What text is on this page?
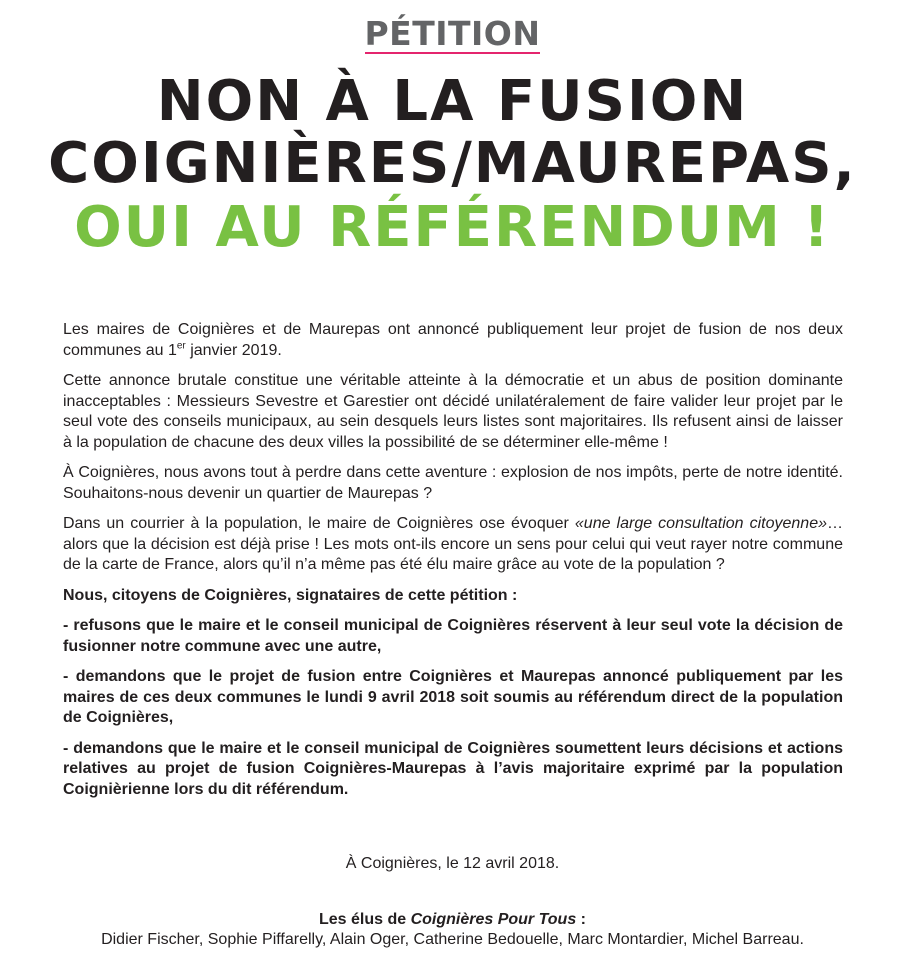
PÉTITION
NON À LA FUSION
COIGNIÈRES/MAUREPAS,
OUI AU RÉFÉRENDUM !

Les maires de Coignières et de Maurepas ont annoncé publiquement leur projet de fusion de nos deux communes au 1er janvier 2019.

Cette annonce brutale constitue une véritable atteinte à la démocratie et un abus de position dominante inacceptables : Messieurs Sevestre et Garestier ont décidé unilatéralement de faire valider leur projet par le seul vote des conseils municipaux, au sein desquels leurs listes sont majoritaires. Ils refusent ainsi de laisser à la population de chacune des deux villes la possibilité de se déterminer elle-même !

À Coignières, nous avons tout à perdre dans cette aventure : explosion de nos impôts, perte de notre identité. Souhaitons-nous devenir un quartier de Maurepas ?

Dans un courrier à la population, le maire de Coignières ose évoquer «une large consultation citoyenne»… alors que la décision est déjà prise ! Les mots ont-ils encore un sens pour celui qui veut rayer notre commune de la carte de France, alors qu’il n’a même pas été élu maire grâce au vote de la population ?

Nous, citoyens de Coignières, signataires de cette pétition :

- refusons que le maire et le conseil municipal de Coignières réservent à leur seul vote la décision de fusionner notre commune avec une autre,

- demandons que le projet de fusion entre Coignières et Maurepas annoncé publiquement par les maires de ces deux communes le lundi 9 avril 2018 soit soumis au référendum direct de la population de Coignières,

- demandons que le maire et le conseil municipal de Coignières soumettent leurs décisions et actions relatives au projet de fusion Coignières-Maurepas à l’avis majoritaire exprimé par la population Coignièrienne lors du dit référendum.

À Coignières, le 12 avril 2018.
Les élus de Coignières Pour Tous :
Didier Fischer, Sophie Piffarelly, Alain Oger, Catherine Bedouelle, Marc Montardier, Michel Barreau.
